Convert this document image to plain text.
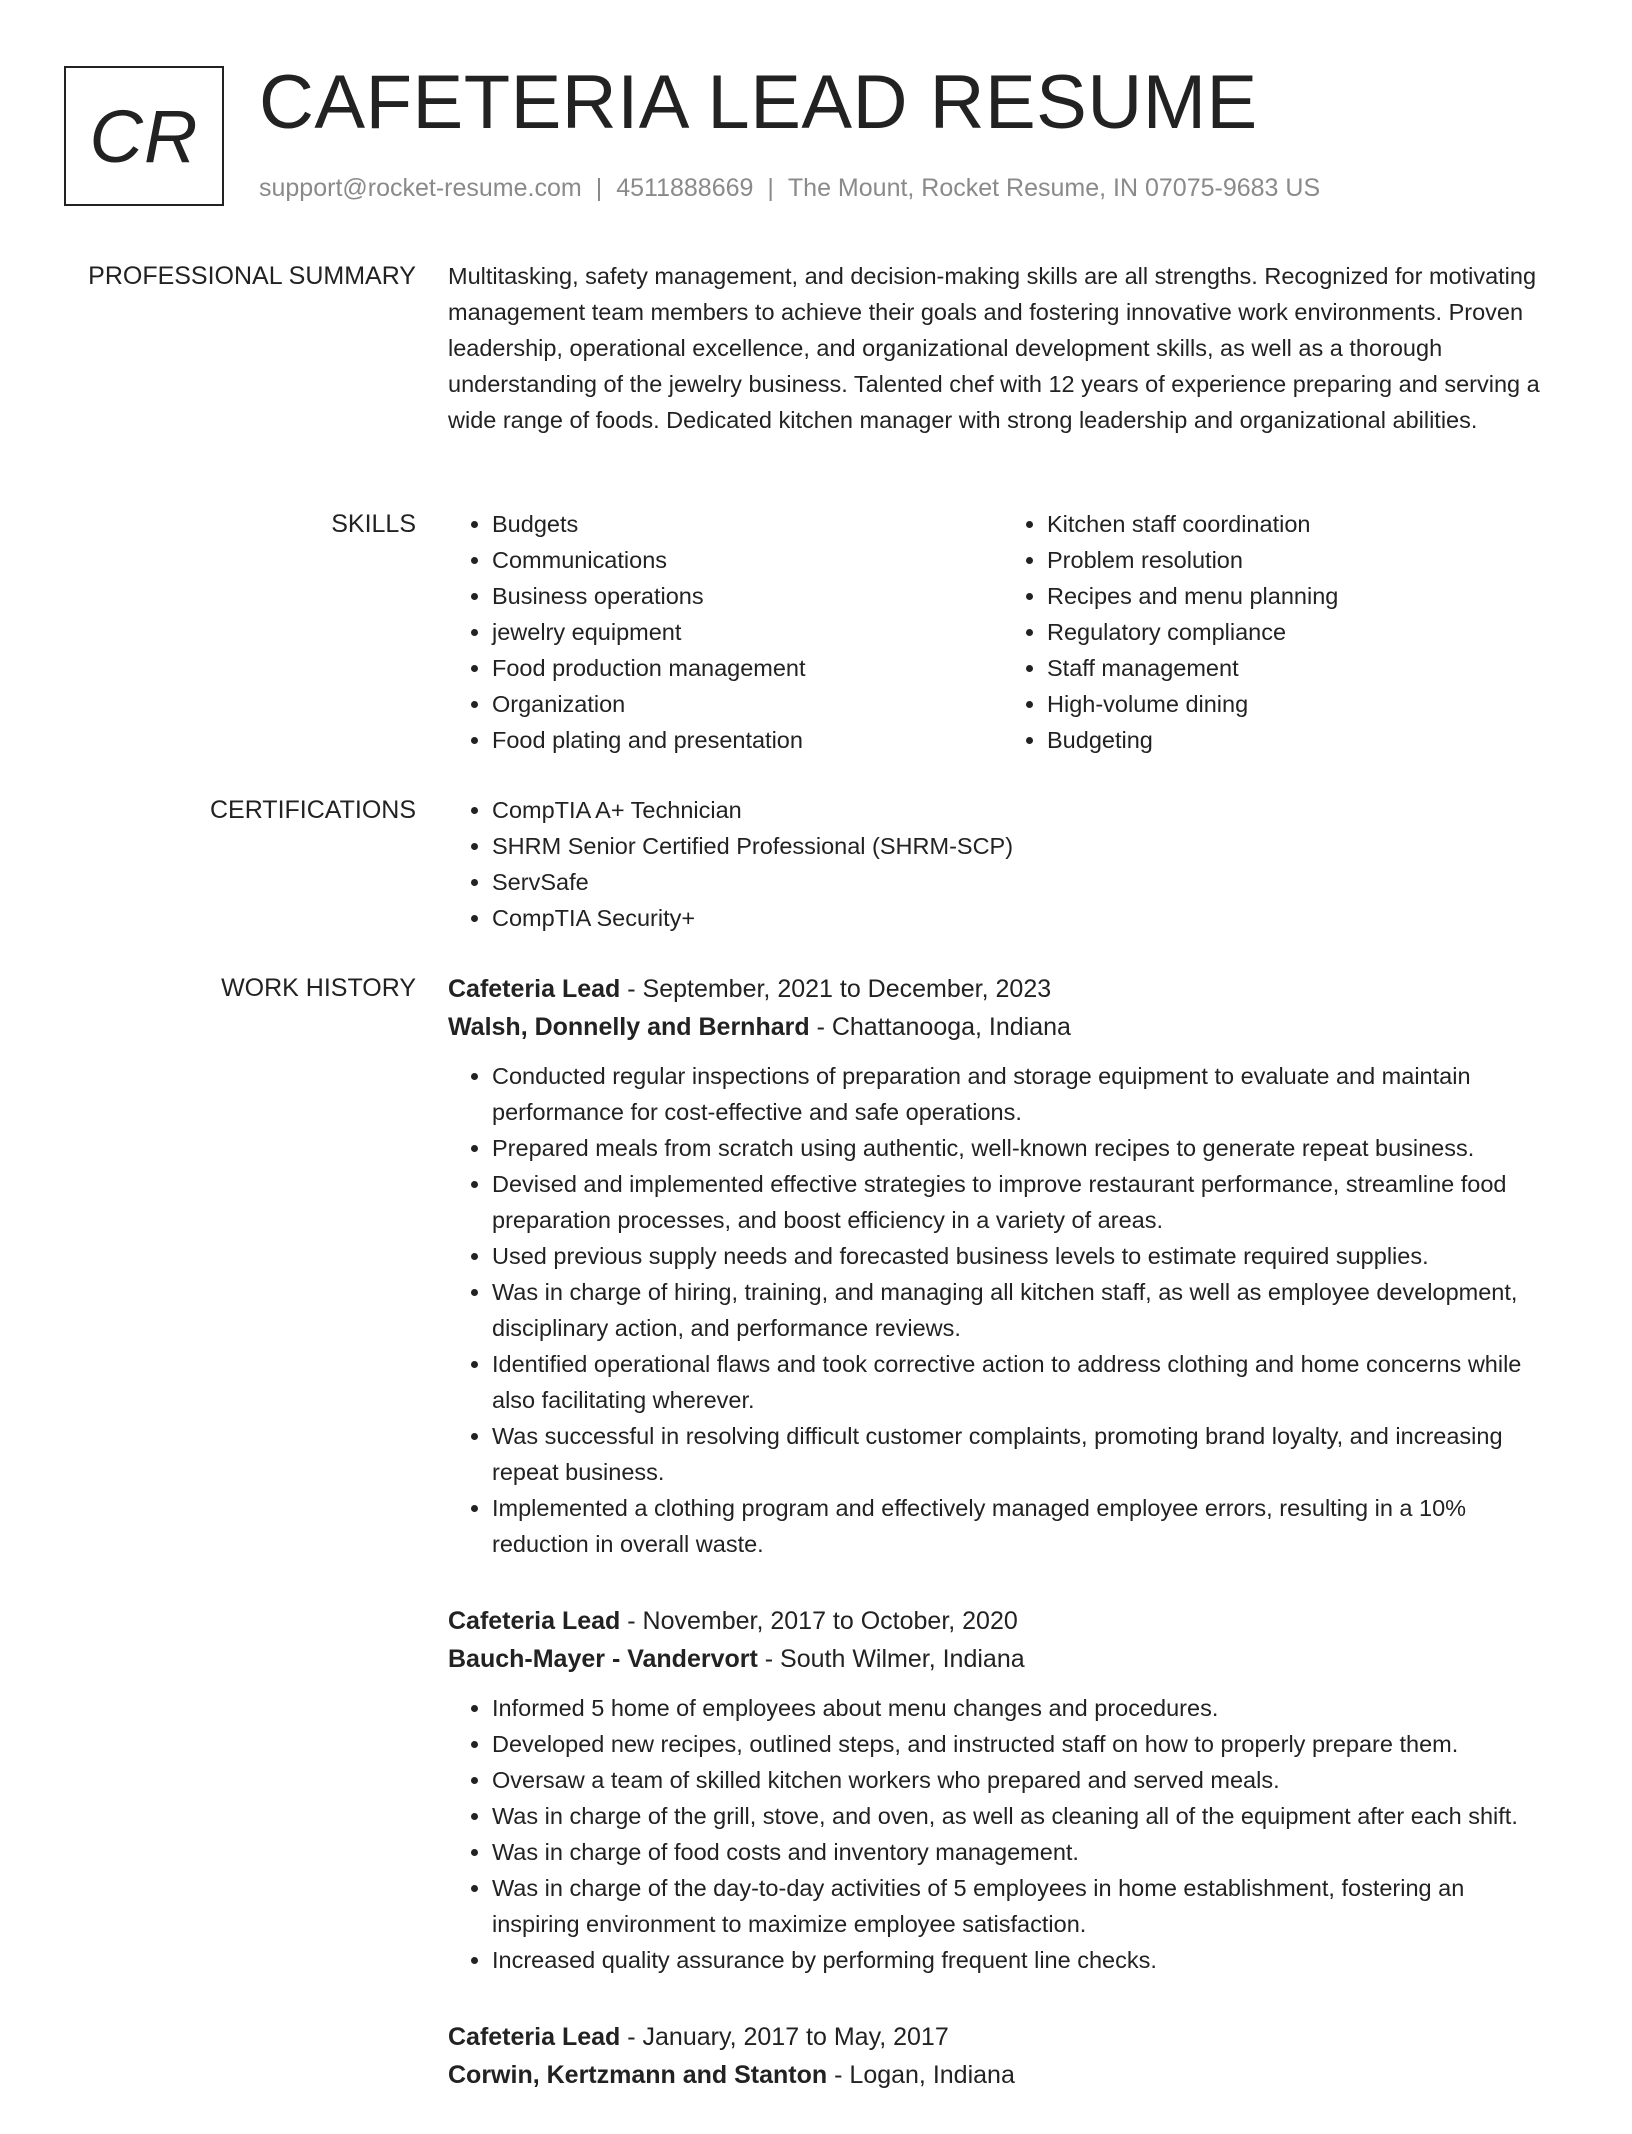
CR CAFETERIA LEAD RESUME
support@rocket-resume.com | 4511888669 | The Mount, Rocket Resume, IN 07075-9683 US
PROFESSIONAL SUMMARY Multitasking, safety management, and decision-making skills are all strengths. Recognized for motivating management team members to achieve their goals and fostering innovative work environments. Proven leadership, operational excellence, and organizational development skills, as well as a thorough understanding of the jewelry business. Talented chef with 12 years of experience preparing and serving a wide range of foods. Dedicated kitchen manager with strong leadership and organizational abilities.

SKILLS	• Budgets
• Communications
• Business operations
• jewelry equipment
• Food production management
• Organization
• Food plating and presentation
• Kitchen staff coordination
• Problem resolution
• Recipes and menu planning
• Regulatory compliance
• Staff management
• High-volume dining
• Budgeting
CERTIFICATIONS	• CompTIA A+ Technician
• SHRM Senior Certified Professional (SHRM-SCP)
• ServSafe
• CompTIA Security+
WORK HISTORY Cafeteria Lead - September, 2021 to December, 2023
Walsh, Donnelly and Bernhard - Chattanooga, Indiana
• Conducted regular inspections of preparation and storage equipment to evaluate and maintain performance for cost-effective and safe operations.
• Prepared meals from scratch using authentic, well-known recipes to generate repeat business.
• Devised and implemented effective strategies to improve restaurant performance, streamline food preparation processes, and boost efficiency in a variety of areas.
• Used previous supply needs and forecasted business levels to estimate required supplies.
• Was in charge of hiring, training, and managing all kitchen staff, as well as employee development, disciplinary action, and performance reviews.
• Identified operational flaws and took corrective action to address clothing and home concerns while also facilitating wherever.
• Was successful in resolving difficult customer complaints, promoting brand loyalty, and increasing repeat business.
• Implemented a clothing program and effectively managed employee errors, resulting in a 10% reduction in overall waste.
Cafeteria Lead - November, 2017 to October, 2020
Bauch-Mayer - Vandervort - South Wilmer, Indiana
• Informed 5 home of employees about menu changes and procedures.
• Developed new recipes, outlined steps, and instructed staff on how to properly prepare them.
• Oversaw a team of skilled kitchen workers who prepared and served meals.
• Was in charge of the grill, stove, and oven, as well as cleaning all of the equipment after each shift.
• Was in charge of food costs and inventory management.
• Was in charge of the day-to-day activities of 5 employees in home establishment, fostering an inspiring environment to maximize employee satisfaction.
• Increased quality assurance by performing frequent line checks.
Cafeteria Lead - January, 2017 to May, 2017
Corwin, Kertzmann and Stanton - Logan, Indiana
